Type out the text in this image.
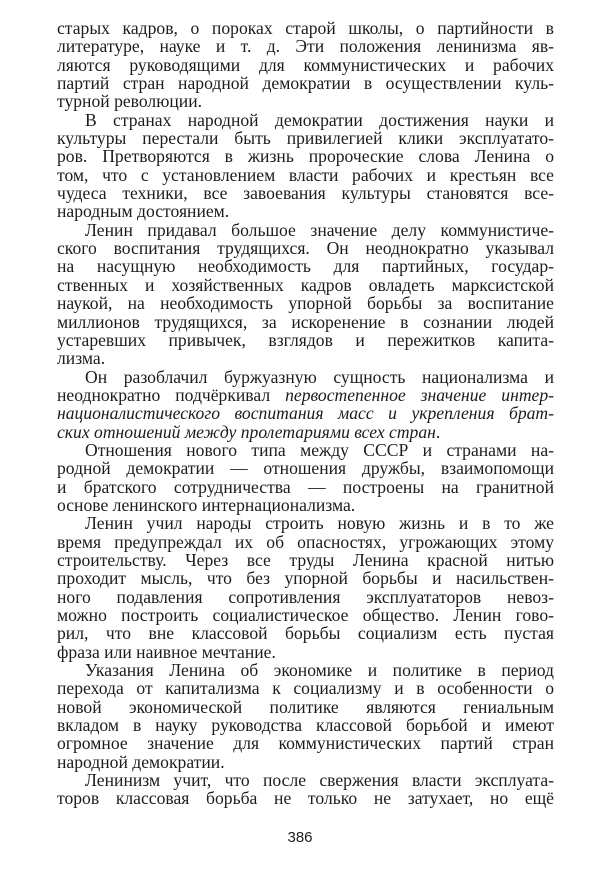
старых кадров, о пороках старой школы, о партийности в
литературе, науке и т. д. Эти положения ленинизма яв-
ляются руководящими для коммунистических и рабочих
партий стран народной демократии в осуществлении куль-
турной революции.
В странах народной демократии достижения науки и
культуры перестали быть привилегией клики эксплуатато-
ров. Претворяются в жизнь пророческие слова Ленина о
том, что с установлением власти рабочих и крестьян все
чудеса техники, все завоевания культуры становятся все-
народным достоянием.
Ленин придавал большое значение делу коммунистиче-
ского воспитания трудящихся. Он неоднократно указывал
на насущную необходимость для партийных, государ-
ственных и хозяйственных кадров овладеть марксистской
наукой, на необходимость упорной борьбы за воспитание
миллионов трудящихся, за искоренение в сознании людей
устаревших привычек, взглядов и пережитков капита-
лизма.
Он разоблачил буржуазную сущность национализма и
неоднократно подчёркивал первостепенное значение интер-
националистического воспитания масс и укрепления брат-
ских отношений между пролетариями всех стран.
Отношения нового типа между СССР и странами на-
родной демократии — отношения дружбы, взаимопомощи
и братского сотрудничества — построены на гранитной
основе ленинского интернационализма.
Ленин учил народы строить новую жизнь и в то же
время предупреждал их об опасностях, угрожающих этому
строительству. Через все труды Ленина красной нитью
проходит мысль, что без упорной борьбы и насильствен-
ного подавления сопротивления эксплуататоров невоз-
можно построить социалистическое общество. Ленин гово-
рил, что вне классовой борьбы социализм есть пустая
фраза или наивное мечтание.
Указания Ленина об экономике и политике в период
перехода от капитализма к социализму и в особенности о
новой экономической политике являются гениальным
вкладом в науку руководства классовой борьбой и имеют
огромное значение для коммунистических партий стран
народной демократии.
Ленинизм учит, что после свержения власти эксплуата-
торов классовая борьба не только не затухает, но ещё
386
